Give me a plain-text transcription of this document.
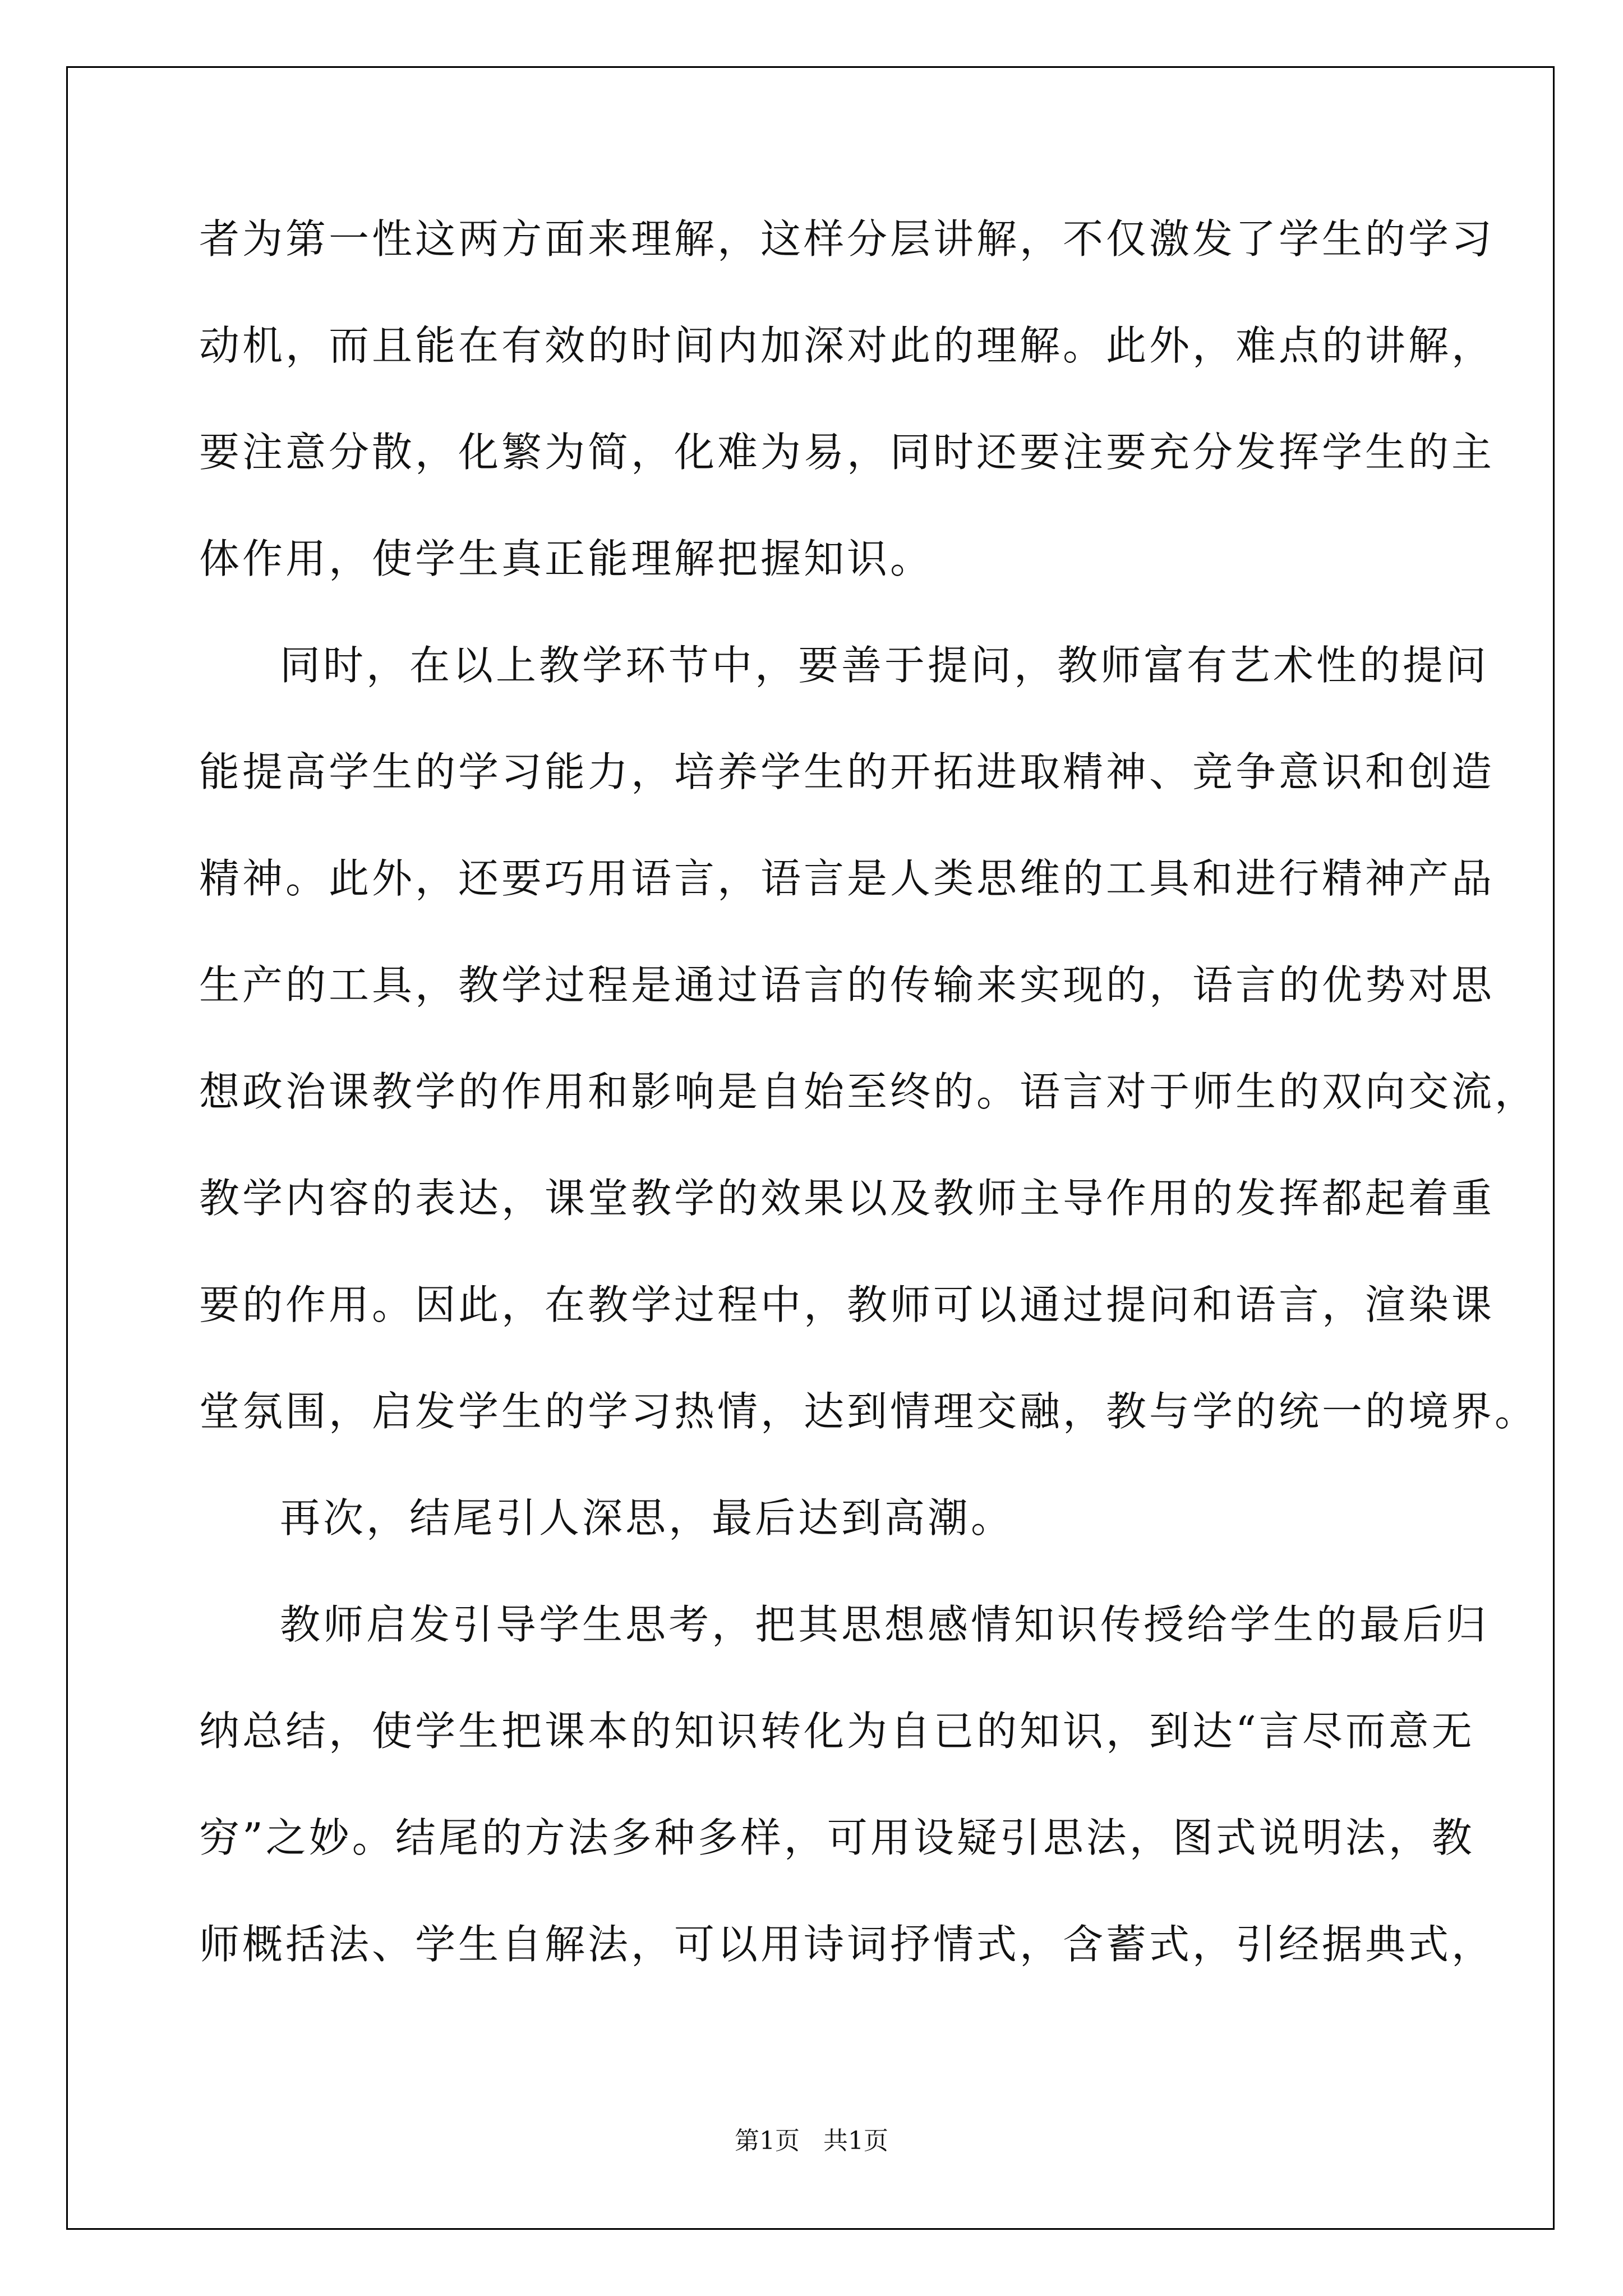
者为第一性这两方面来理解，这样分层讲解，不仅激发了学生的学习
动机，而且能在有效的时间内加深对此的理解。此外，难点的讲解，
要注意分散，化繁为简，化难为易，同时还要注要充分发挥学生的主
体作用，使学生真正能理解把握知识。
同时，在以上教学环节中，要善于提问，教师富有艺术性的提问
能提高学生的学习能力，培养学生的开拓进取精神、竞争意识和创造
精神。此外，还要巧用语言，语言是人类思维的工具和进行精神产品
生产的工具，教学过程是通过语言的传输来实现的，语言的优势对思
想政治课教学的作用和影响是自始至终的。语言对于师生的双向交流，
教学内容的表达，课堂教学的效果以及教师主导作用的发挥都起着重
要的作用。因此，在教学过程中，教师可以通过提问和语言，渲染课
堂氛围，启发学生的学习热情，达到情理交融，教与学的统一的境界。
再次，结尾引人深思，最后达到高潮。
教师启发引导学生思考，把其思想感情知识传授给学生的最后归
纳总结，使学生把课本的知识转化为自已的知识，到达“言尽而意无
穷”之妙。结尾的方法多种多样，可用设疑引思法，图式说明法，教
师概括法、学生自解法，可以用诗词抒情式，含蓄式，引经据典式，
第1页   共1页
